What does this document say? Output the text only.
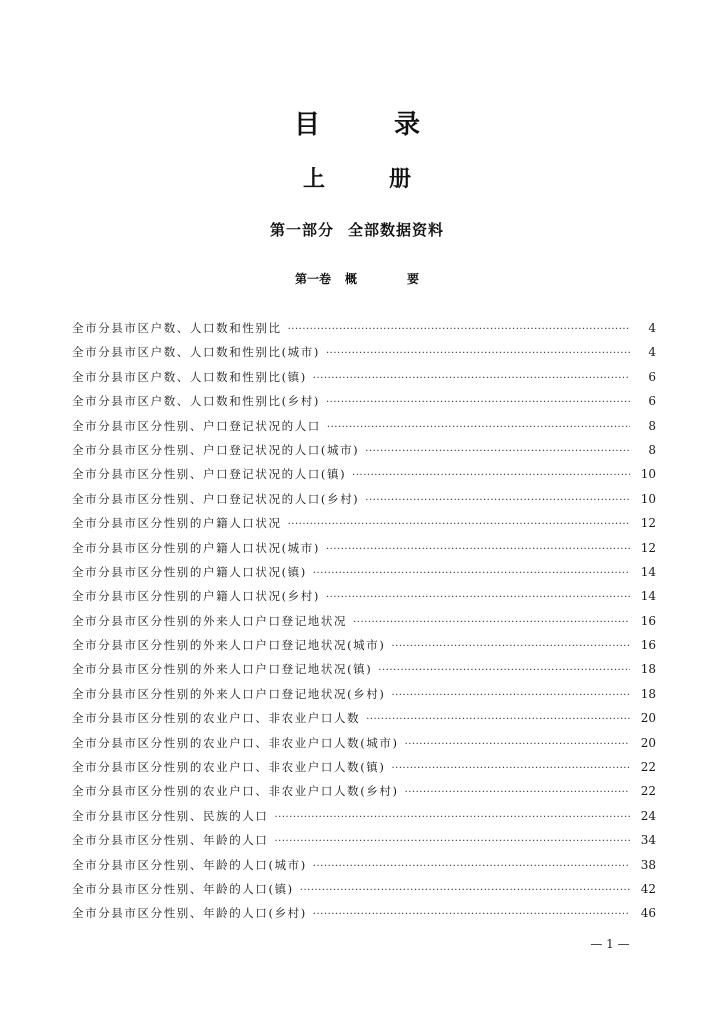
目	录
上	册
第一部分 全部数据资料
第一卷 概	要
全市分县市区户数、人口数和性别比 ·····	4
全市分县市区户数、人口数和性别比(城市) ·····	4
全市分县市区户数、人口数和性别比(镇) ·····	6
全市分县市区户数、人口数和性别比(乡村) ·····	6
全市分县市区分性别、户口登记状况的人口 ·····	8
全市分县市区分性别、户口登记状况的人口(城市) ·····	8
全市分县市区分性别、户口登记状况的人口(镇) ·····	10
全市分县市区分性别、户口登记状况的人口(乡村) ·····	10
全市分县市区分性别的户籍人口状况 ·····	12
全市分县市区分性别的户籍人口状况(城市) ·····	12
全市分县市区分性别的户籍人口状况(镇) ·····	14
全市分县市区分性别的户籍人口状况(乡村) ·····	14
全市分县市区分性别的外来人口户口登记地状况 ·····	16
全市分县市区分性别的外来人口户口登记地状况(城市) ·····	16
全市分县市区分性别的外来人口户口登记地状况(镇) ·····	18
全市分县市区分性别的外来人口户口登记地状况(乡村) ·····	18
全市分县市区分性别的农业户口、非农业户口人数 ·····	20
全市分县市区分性别的农业户口、非农业户口人数(城市) ·····	20
全市分县市区分性别的农业户口、非农业户口人数(镇) ·····	22
全市分县市区分性别的农业户口、非农业户口人数(乡村) ·····	22
全市分县市区分性别、民族的人口 ·····	24
全市分县市区分性别、年龄的人口 ·····	34
全市分县市区分性别、年龄的人口(城市) ·····	38
全市分县市区分性别、年龄的人口(镇) ·····	42
全市分县市区分性别、年龄的人口(乡村) ·····	46
— 1 —
